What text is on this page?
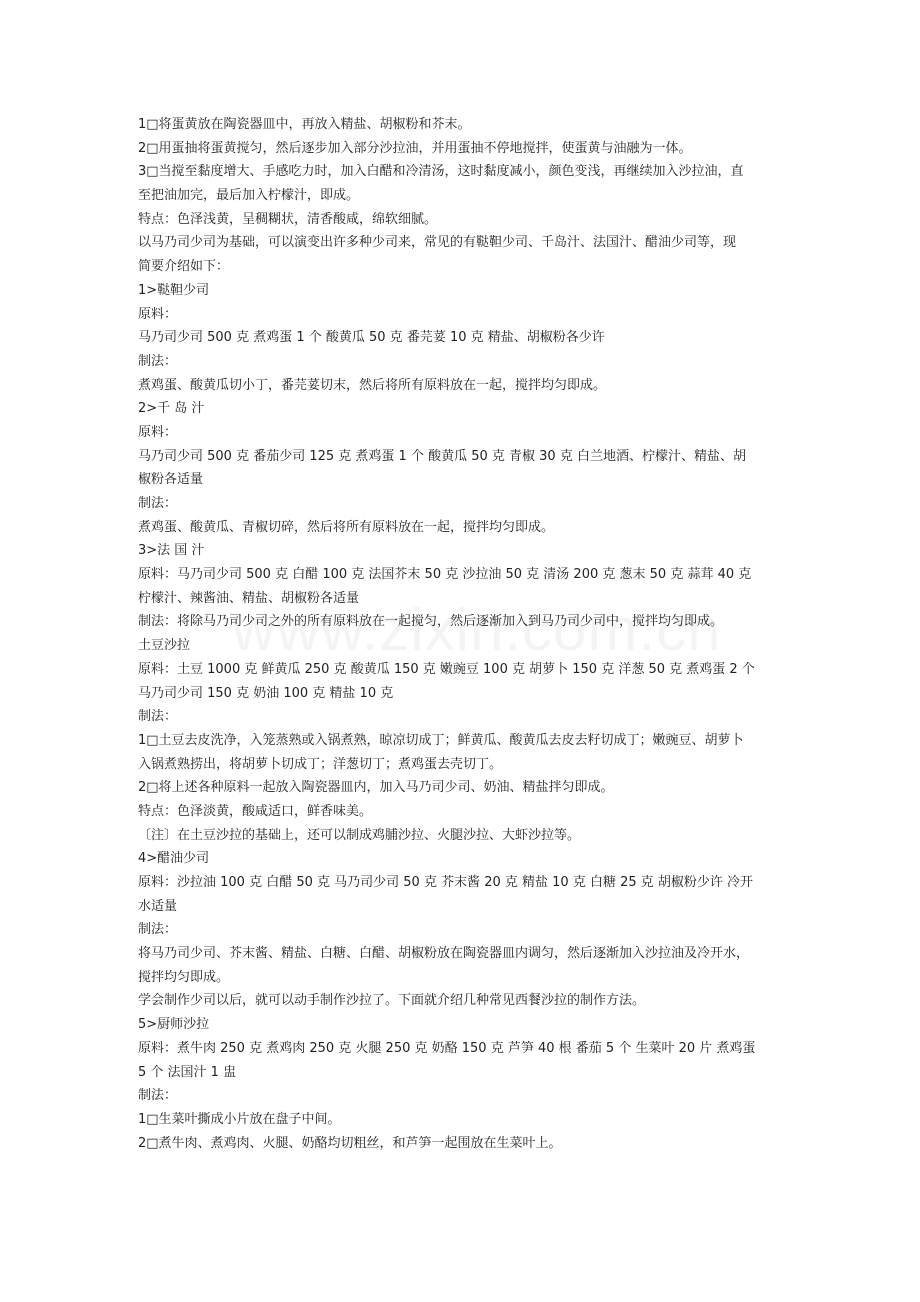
1□将蛋黄放在陶瓷器皿中，再放入精盐、胡椒粉和芥末。
2□用蛋抽将蛋黄搅匀，然后逐步加入部分沙拉油，并用蛋抽不停地搅拌，使蛋黄与油融为一体。
3□当搅至黏度增大、手感吃力时，加入白醋和冷清汤，这时黏度减小，颜色变浅，再继续加入沙拉油，直
至把油加完，最后加入柠檬汁，即成。
特点：色泽浅黄，呈稠糊状，清香酸咸，绵软细腻。
以马乃司少司为基础，可以演变出许多种少司来，常见的有鞑靼少司、千岛汁、法国汁、醋油少司等，现
简要介绍如下：
1>鞑靼少司
原料：
马乃司少司 500 克 煮鸡蛋 1 个 酸黄瓜 50 克 番芫荽 10 克 精盐、胡椒粉各少许
制法：
煮鸡蛋、酸黄瓜切小丁，番芫荽切末，然后将所有原料放在一起，搅拌均匀即成。
2>千 岛 汁
原料：
马乃司少司 500 克 番茄少司 125 克 煮鸡蛋 1 个 酸黄瓜 50 克 青椒 30 克 白兰地酒、柠檬汁、精盐、胡
椒粉各适量
制法：
煮鸡蛋、酸黄瓜、青椒切碎，然后将所有原料放在一起，搅拌均匀即成。
3>法 国 汁
原料：马乃司少司 500 克 白醋 100 克 法国芥末 50 克 沙拉油 50 克 清汤 200 克 葱末 50 克 蒜茸 40 克
柠檬汁、辣酱油、精盐、胡椒粉各适量
制法：将除马乃司少司之外的所有原料放在一起搅匀，然后逐渐加入到马乃司少司中，搅拌均匀即成。
土豆沙拉
原料：土豆 1000 克 鲜黄瓜 250 克 酸黄瓜 150 克 嫩豌豆 100 克 胡萝卜 150 克 洋葱 50 克 煮鸡蛋 2 个
马乃司少司 150 克 奶油 100 克 精盐 10 克
制法：
1□土豆去皮洗净，入笼蒸熟或入锅煮熟，晾凉切成丁；鲜黄瓜、酸黄瓜去皮去籽切成丁；嫩豌豆、胡萝卜
入锅煮熟捞出，将胡萝卜切成丁；洋葱切丁；煮鸡蛋去壳切丁。
2□将上述各种原料一起放入陶瓷器皿内，加入马乃司少司、奶油、精盐拌匀即成。
特点：色泽淡黄，酸咸适口，鲜香味美。
〔注〕在土豆沙拉的基础上，还可以制成鸡脯沙拉、火腿沙拉、大虾沙拉等。
4>醋油少司
原料：沙拉油 100 克 白醋 50 克 马乃司少司 50 克 芥末酱 20 克 精盐 10 克 白糖 25 克 胡椒粉少许 冷开
水适量
制法：
将马乃司少司、芥末酱、精盐、白糖、白醋、胡椒粉放在陶瓷器皿内调匀，然后逐渐加入沙拉油及冷开水，
搅拌均匀即成。
学会制作少司以后，就可以动手制作沙拉了。下面就介绍几种常见西餐沙拉的制作方法。
5>厨师沙拉
原料：煮牛肉 250 克 煮鸡肉 250 克 火腿 250 克 奶酪 150 克 芦笋 40 根 番茄 5 个 生菜叶 20 片 煮鸡蛋
5 个 法国汁 1 盅
制法：
1□生菜叶撕成小片放在盘子中间。
2□煮牛肉、煮鸡肉、火腿、奶酪均切粗丝，和芦笋一起围放在生菜叶上。
